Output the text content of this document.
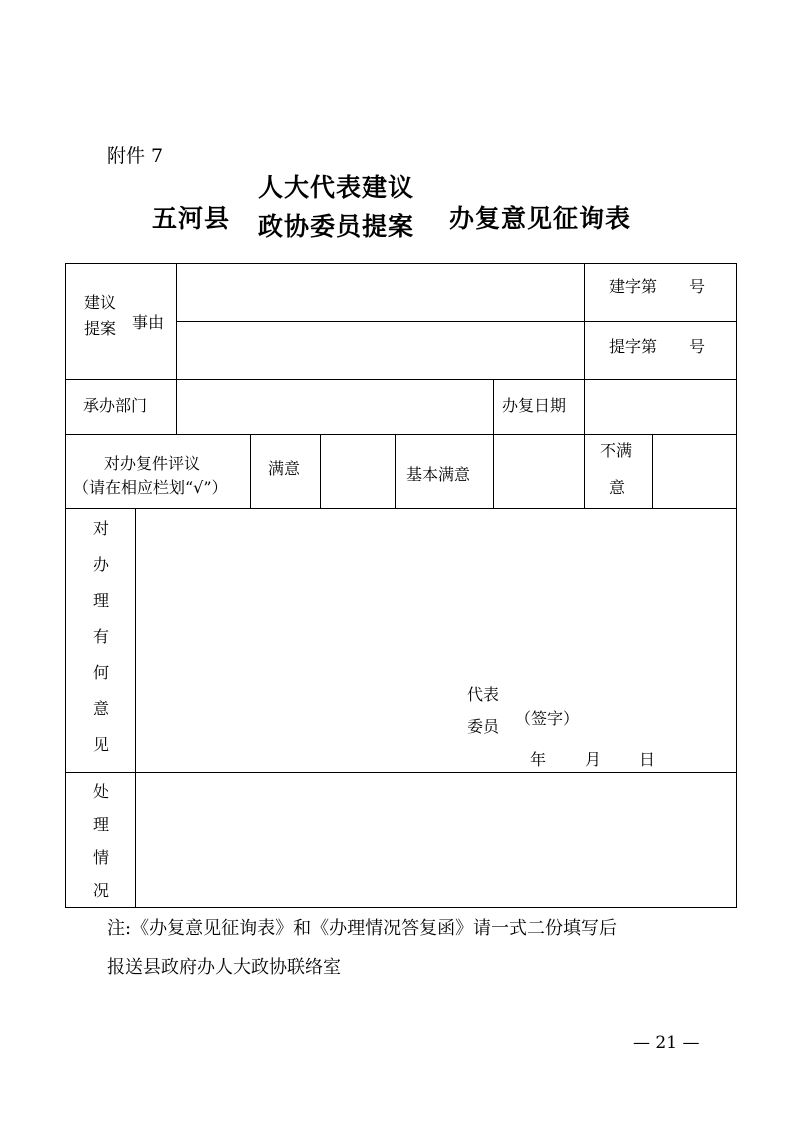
附件 7
五河县
人大代表建议
政协委员提案 办复意见征询表
建议
提案 事由
建字第　　号
提字第　　号
承办部门	办复日期
对办复件评议
（请在相应栏划“√”）
满意	基本满意
不满
意
对
办
理
有
何
意
见
代表
委员 （签字）
年 月 日
处
理
情
况
注:《办复意见征询表》和《办理情况答复函》请一式二份填写后
报送县政府办人大政协联络室
— 21 —
